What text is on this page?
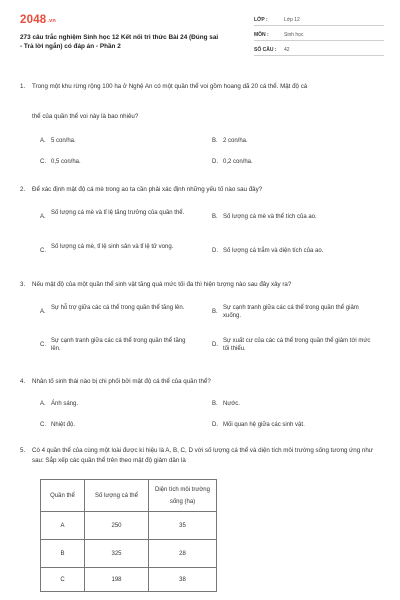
2048.vn
273 câu trắc nghiệm Sinh học 12 Kết nối tri thức Bài 24 (Đúng sai - Trả lời ngắn) có đáp án - Phần 2
LỚP :	Lớp 12
MÔN :	Sinh học
SỐ CÂU : 42
1. Trong một khu rừng rộng 100 ha ở Nghệ An có một quần thể voi gồm hoang dã 20 cá thể. Mật độ cá
thể của quần thể voi này là bao nhiêu?
A. 5 con/ha.	B. 2 con/ha.
C. 0,5 con/ha.	D. 0,2 con/ha.
2. Để xác định mật độ cá mè trong ao ta cần phải xác định những yếu tố nào sau đây?
A.
Số lượng cá mè và tỉ lệ tăng trưởng của quần thể.
B. Số lượng cá mè và thể tích của ao.
C.
Số lượng cá mè, tỉ lệ sinh sản và tỉ lệ tử vong.
D. Số lượng cá trắm và diện tích của ao.
3. Nếu mật độ của một quần thể sinh vật tăng quá mức tối đa thì hiện tượng nào sau đây xảy ra?
A.
Sự hỗ trợ giữa các cá thể trong quần thể tăng lên.
B.
Sự cạnh tranh giữa các cá thể trong quần thể giảm xuống.
C.
Sự cạnh tranh giữa các cá thể trong quần thể tăng lên.
D.
Sự xuất cư của các cá thể trong quần thể giảm tới mức tối thiểu.
4. Nhân tố sinh thái nào bị chi phối bởi mật độ cá thể của quần thể?
A. Ánh sáng.	B. Nước.
C. Nhiệt độ.	D. Mối quan hệ giữa các sinh vật.
5. Có 4 quần thể của cùng một loài được kí hiệu là A, B, C, D với số lượng cá thể và diện tích môi trường sống tương ứng như sau: Sắp xếp các quần thể trên theo mật độ giảm dần là
Quần thể	Số lượng cá thể	Diện tích môi trường sống (ha)
A	250	35
B	325	28
C	198	38
